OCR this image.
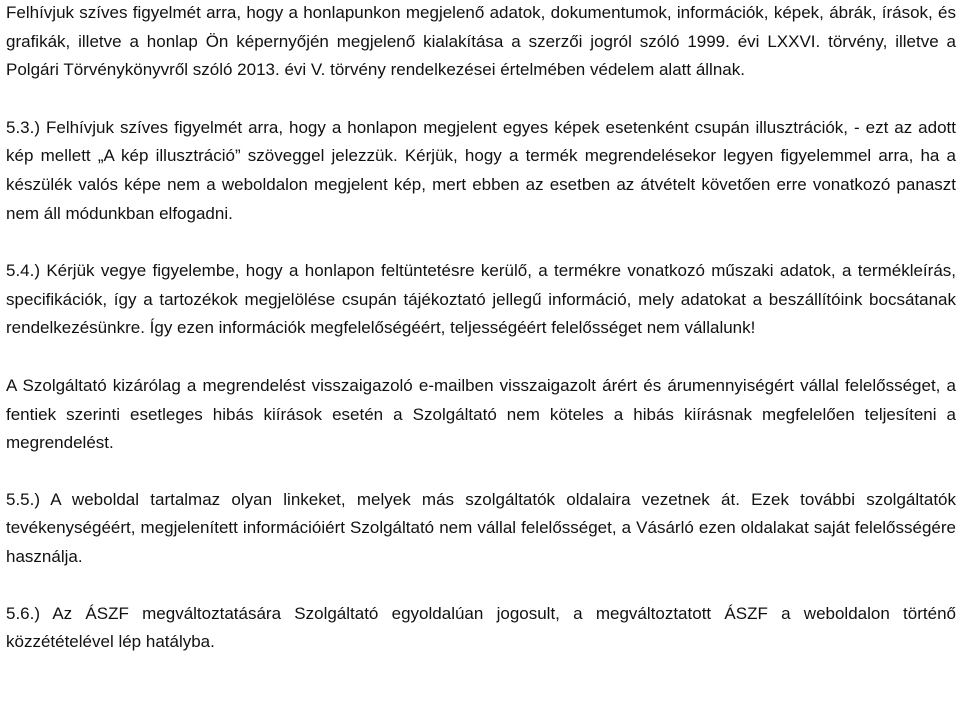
Felhívjuk szíves figyelmét arra, hogy a honlapunkon megjelenő adatok, dokumentumok, információk, képek, ábrák, írások, és grafikák, illetve a honlap Ön képernyőjén megjelenő kialakítása a szerzői jogról szóló 1999. évi LXXVI. törvény, illetve a Polgári Törvénykönyvről szóló 2013. évi V. törvény rendelkezései értelmében védelem alatt állnak.

5.3.) Felhívjuk szíves figyelmét arra, hogy a honlapon megjelent egyes képek esetenként csupán illusztrációk, - ezt az adott kép mellett „A kép illusztráció” szöveggel jelezzük. Kérjük, hogy a termék megrendelésekor legyen figyelemmel arra, ha a készülék valós képe nem a weboldalon megjelent kép, mert ebben az esetben az átvételt követően erre vonatkozó panaszt nem áll módunkban elfogadni.

5.4.) Kérjük vegye figyelembe, hogy a honlapon feltüntetésre kerülő, a termékre vonatkozó műszaki adatok, a termékleírás, specifikációk, így a tartozékok megjelölése csupán tájékoztató jellegű információ, mely adatokat a beszállítóink bocsátanak rendelkezésünkre. Így ezen információk megfelelőségéért, teljességéért felelősséget nem vállalunk!

A Szolgáltató kizárólag a megrendelést visszaigazoló e-mailben visszaigazolt árért és árumennyiségért vállal felelősséget, a fentiek szerinti esetleges hibás kiírások esetén a Szolgáltató nem köteles a hibás kiírásnak megfelelően teljesíteni a megrendelést.

5.5.) A weboldal tartalmaz olyan linkeket, melyek más szolgáltatók oldalaira vezetnek át. Ezek további szolgáltatók tevékenységéért, megjelenített információiért Szolgáltató nem vállal felelősséget, a Vásárló ezen oldalakat saját felelősségére használja.

5.6.) Az ÁSZF megváltoztatására Szolgáltató egyoldalúan jogosult, a megváltoztatott ÁSZF a weboldalon történő közzétételével lép hatályba.
